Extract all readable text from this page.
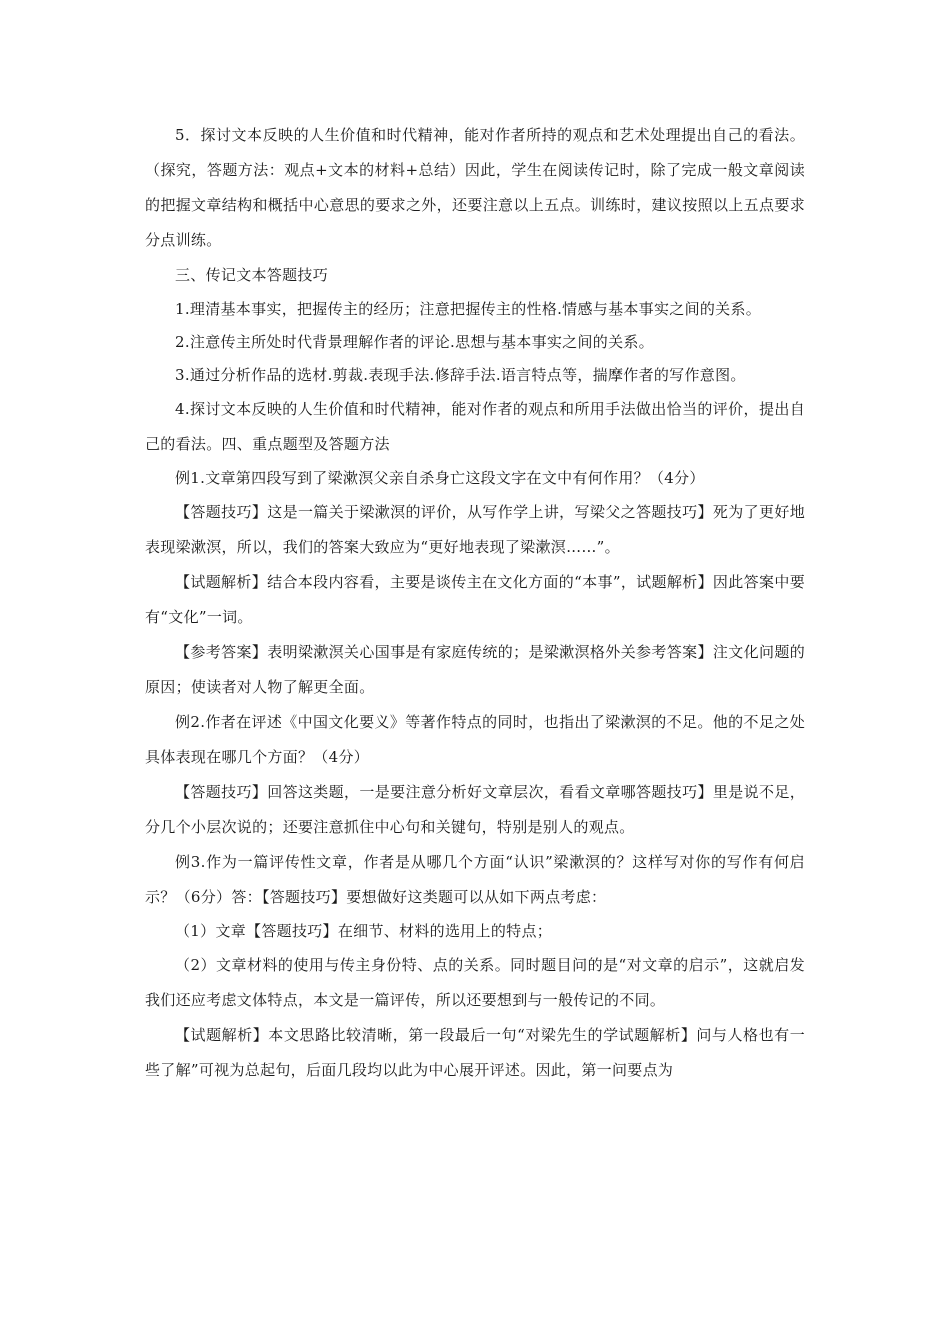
5．探讨文本反映的人生价值和时代精神，能对作者所持的观点和艺术处理提出自己的看法。（探究，答题方法：观点+文本的材料+总结）因此，学生在阅读传记时，除了完成一般文章阅读的把握文章结构和概括中心意思的要求之外，还要注意以上五点。训练时，建议按照以上五点要求分点训练。

三、传记文本答题技巧

1.理清基本事实，把握传主的经历；注意把握传主的性格.情感与基本事实之间的关系。

2.注意传主所处时代背景理解作者的评论.思想与基本事实之间的关系。

3.通过分析作品的选材.剪裁.表现手法.修辞手法.语言特点等，揣摩作者的写作意图。

4.探讨文本反映的人生价值和时代精神，能对作者的观点和所用手法做出恰当的评价，提出自己的看法。四、重点题型及答题方法

例1.文章第四段写到了梁漱溟父亲自杀身亡这段文字在文中有何作用？（4分）

【答题技巧】这是一篇关于梁漱溟的评价，从写作学上讲，写梁父之答题技巧】死为了更好地表现梁漱溟，所以，我们的答案大致应为“更好地表现了梁漱溟……”。

【试题解析】结合本段内容看，主要是谈传主在文化方面的“本事”，试题解析】因此答案中要有“文化”一词。

【参考答案】表明梁漱溟关心国事是有家庭传统的；是梁漱溟格外关参考答案】注文化问题的原因；使读者对人物了解更全面。

例2.作者在评述《中国文化要义》等著作特点的同时，也指出了梁漱溟的不足。他的不足之处具体表现在哪几个方面？（4分）

【答题技巧】回答这类题，一是要注意分析好文章层次，看看文章哪答题技巧】里是说不足，分几个小层次说的；还要注意抓住中心句和关键句，特别是别人的观点。

例3.作为一篇评传性文章，作者是从哪几个方面“认识”梁漱溟的？这样写对你的写作有何启示？（6分）答：【答题技巧】要想做好这类题可以从如下两点考虑：

（1）文章【答题技巧】在细节、材料的选用上的特点；

（2）文章材料的使用与传主身份特、点的关系。同时题目问的是“对文章的启示”，这就启发我们还应考虑文体特点，本文是一篇评传，所以还要想到与一般传记的不同。

【试题解析】本文思路比较清晰，第一段最后一句“对梁先生的学试题解析】问与人格也有一些了解”可视为总起句，后面几段均以此为中心展开评述。因此，第一问要点为
